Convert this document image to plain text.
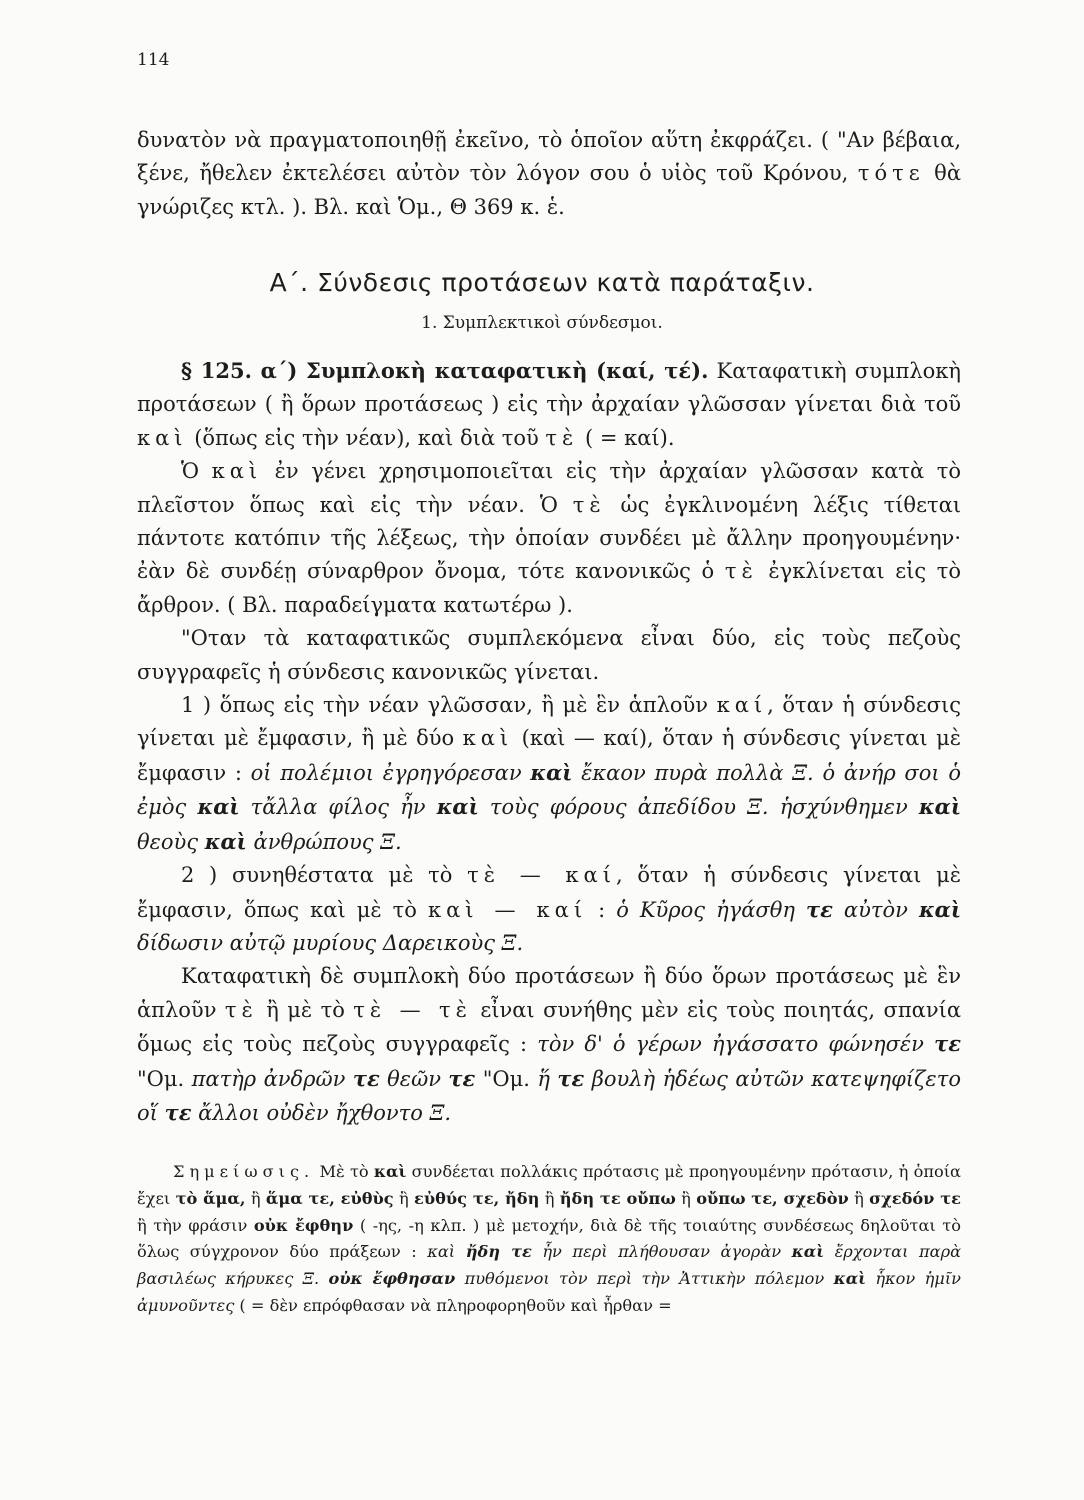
114

δυνατὸν νὰ πραγματοποιηθῇ ἐκεῖνο, τὸ ὁποῖον αὕτη ἐκφράζει. ( "Αν βέβαια, ξένε, ἤθελεν ἐκτελέσει αὐτὸν τὸν λόγον σου ὁ υἱὸς τοῦ Κρόνου, τότε θὰ γνώριζες κτλ. ). Βλ. καὶ Ὁμ., Θ 369 κ. ἑ.

Α΄. Σύνδεσις προτάσεων κατὰ παράταξιν.
1. Συμπλεκτικοὶ σύνδεσμοι.

§ 125. α΄) Συμπλοκὴ καταφατικὴ (καί, τέ). Καταφατικὴ συμπλοκὴ προτάσεων ( ἢ ὅρων προτάσεως ) εἰς τὴν ἀρχαίαν γλῶσσαν γίνεται διὰ τοῦ καὶ (ὅπως εἰς τὴν νέαν), καὶ διὰ τοῦ τὲ ( = καί).

Ὁ καὶ ἐν γένει χρησιμοποιεῖται εἰς τὴν ἀρχαίαν γλῶσσαν κατὰ τὸ πλεῖστον ὅπως καὶ εἰς τὴν νέαν. Ὁ τὲ ὡς ἐγκλινομένη λέξις τίθεται πάντοτε κατόπιν τῆς λέξεως, τὴν ὁποίαν συνδέει μὲ ἄλλην προηγουμένην· ἐὰν δὲ συνδέῃ σύναρθρον ὄνομα, τότε κανονικῶς ὁ τὲ ἐγκλίνεται εἰς τὸ ἄρθρον. ( Βλ. παραδείγματα κατωτέρω ).

"Οταν τὰ καταφατικῶς συμπλεκόμενα εἶναι δύο, εἰς τοὺς πεζοὺς συγγραφεῖς ἡ σύνδεσις κανονικῶς γίνεται.

1 ) ὅπως εἰς τὴν νέαν γλῶσσαν, ἢ μὲ ἓν ἁπλοῦν καί, ὅταν ἡ σύνδεσις γίνεται μὲ ἔμφασιν, ἢ μὲ δύο καὶ (καὶ — καί), ὅταν ἡ σύνδεσις γίνεται μὲ ἔμφασιν : οἱ πολέμιοι ἐγρηγόρεσαν καὶ ἔκαον πυρὰ πολλὰ Ξ. ὁ ἀνήρ σοι ὁ ἐμὸς καὶ τἄλλα φίλος ἦν καὶ τοὺς φόρους ἀπεδίδου Ξ. ἡσχύνθημεν καὶ θεοὺς καὶ ἀνθρώπους Ξ.

2 ) συνηθέστατα μὲ τὸ τὲ — καί, ὅταν ἡ σύνδεσις γίνεται μὲ ἔμφασιν, ὅπως καὶ μὲ τὸ καὶ — καί : ὁ Κῦρος ἠγάσθη τε αὐτὸν καὶ δίδωσιν αὐτῷ μυρίους Δαρεικοὺς Ξ.

Καταφατικὴ δὲ συμπλοκὴ δύο προτάσεων ἢ δύο ὅρων προτάσεως μὲ ἓν ἁπλοῦν τὲ ἢ μὲ τὸ τὲ — τὲ εἶναι συνήθης μὲν εἰς τοὺς ποιητάς, σπανία ὅμως εἰς τοὺς πεζοὺς συγγραφεῖς : τὸν δ' ὁ γέρων ἠγάσσατο φώνησέν τε "Ομ. πατὴρ ἀνδρῶν τε θεῶν τε "Ομ. ἥ τε βουλὴ ἡδέως αὐτῶν κατεψηφίζετο οἵ τε ἄλλοι οὐδὲν ἤχθοντο Ξ.

Σημείωσις. Μὲ τὸ καὶ συνδέεται πολλάκις πρότασις μὲ προηγουμένην πρότασιν, ἡ ὁποία ἔχει τὸ ἅμα, ἢ ἅμα τε, εὐθὺς ἢ εὐθύς τε, ἤδη ἢ ἤδη τε οὔπω ἢ οὔπω τε, σχεδὸν ἢ σχεδόν τε ἢ τὴν φράσιν οὐκ ἔφθην ( -ης, -η κλπ. ) μὲ μετοχήν, διὰ δὲ τῆς τοιαύτης συνδέσεως δηλοῦται τὸ ὅλως σύγχρονον δύο πράξεων : καὶ ἤδη τε ἦν περὶ πλήθουσαν ἀγορὰν καὶ ἔρχονται παρὰ βασιλέως κήρυκες Ξ. οὐκ ἔφθησαν πυθόμενοι τὸν περὶ τὴν Ἀττικὴν πόλεμον καὶ ἧκον ἡμῖν ἀμυνοῦντες ( = δὲν επρόφθασαν νὰ πληροφορηθοῦν καὶ ἦρθαν =
